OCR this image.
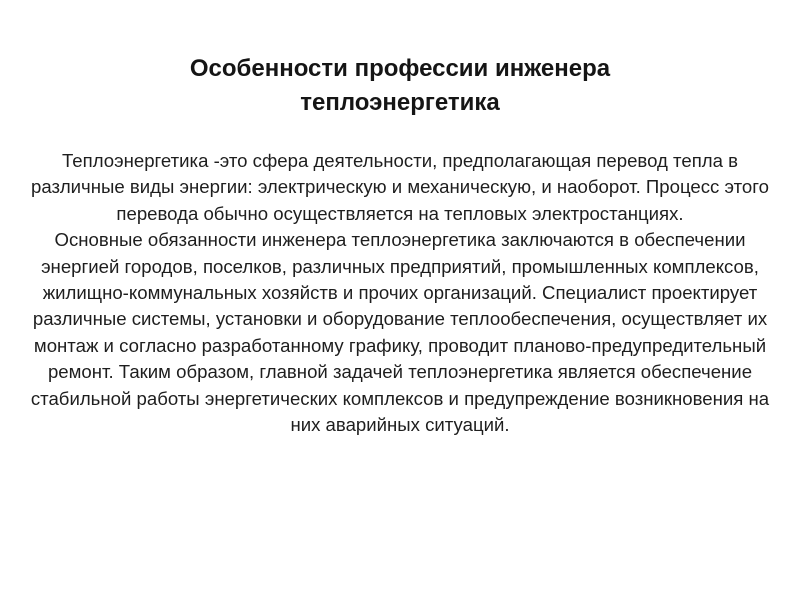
Особенности профессии инженера
теплоэнергетика

Теплоэнергетика -это сфера деятельности, предполагающая перевод тепла в различные виды энергии: электрическую и механическую, и наоборот. Процесс этого перевода обычно осуществляется на тепловых электростанциях.

Основные обязанности инженера теплоэнергетика заключаются в обеспечении энергией городов, поселков, различных предприятий, промышленных комплексов, жилищно-коммунальных хозяйств и прочих организаций. Специалист проектирует различные системы, установки и оборудование теплообеспечения, осуществляет их монтаж и согласно разработанному графику, проводит планово-предупредительный ремонт. Таким образом, главной задачей теплоэнергетика является обеспечение стабильной работы энергетических комплексов и предупреждение возникновения на них аварийных ситуаций.
